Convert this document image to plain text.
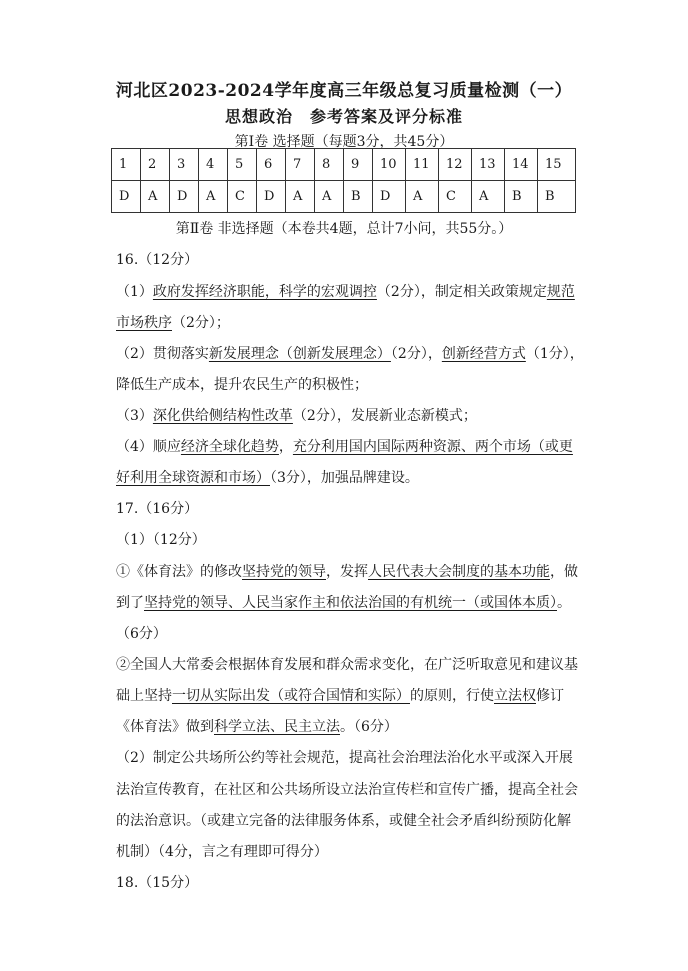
河北区2023-2024学年度高三年级总复习质量检测（一）
思想政治　参考答案及评分标准
第Ⅰ卷 选择题（每题3分，共45分）
1	2	3	4	5	6	7	8	9	10	11	12	13	14	15
D	A	D	A	C	D	A	A	B	D	A	C	A	B	B
第Ⅱ卷 非选择题（本卷共4题，总计7小问，共55分。）
16.（12分）
（1）政府发挥经济职能，科学的宏观调控（2分），制定相关政策规定规范
市场秩序（2分）；
（2）贯彻落实新发展理念（创新发展理念）（2分），创新经营方式（1分），
降低生产成本，提升农民生产的积极性；
（3）深化供给侧结构性改革（2分），发展新业态新模式；
（4）顺应经济全球化趋势，充分利用国内国际两种资源、两个市场（或更
好利用全球资源和市场）（3分），加强品牌建设。
17.（16分）
（1）（12分）
①《体育法》的修改坚持党的领导，发挥人民代表大会制度的基本功能，做
到了坚持党的领导、人民当家作主和依法治国的有机统一（或国体本质）。
（6分）
②全国人大常委会根据体育发展和群众需求变化，在广泛听取意见和建议基
础上坚持一切从实际出发（或符合国情和实际）的原则，行使立法权修订
《体育法》做到科学立法、民主立法。（6分）
（2）制定公共场所公约等社会规范，提高社会治理法治化水平或深入开展
法治宣传教育，在社区和公共场所设立法治宣传栏和宣传广播，提高全社会
的法治意识。（或建立完备的法律服务体系，或健全社会矛盾纠纷预防化解
机制）（4分，言之有理即可得分）
18.（15分）
